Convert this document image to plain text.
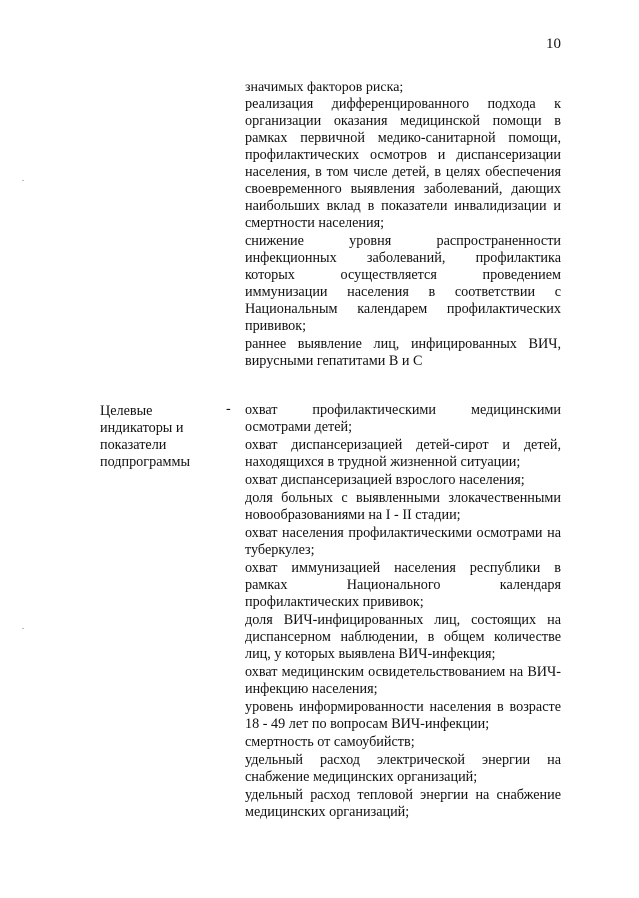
10
значимых факторов риска;

реализация дифференцированного подхода к организации оказания медицинской помощи в рамках первичной медико-санитарной помощи, профилактических осмотров и диспансеризации населения, в том числе детей, в целях обеспечения своевременного выявления заболеваний, дающих наибольших вклад в показатели инвалидизации и смертности населения;

снижение уровня распространенности инфекционных заболеваний, профилактика которых осуществляется проведением иммунизации населения в соответствии с Национальным календарем профилактических прививок;

раннее выявление лиц, инфицированных ВИЧ, вирусными гепатитами В и С

Целевые индикаторы и показатели подпрограммы
- охват профилактическими медицинскими осмотрами детей;

охват диспансеризацией детей-сирот и детей, находящихся в трудной жизненной ситуации;

охват диспансеризацией взрослого населения;

доля больных с выявленными злокачественными новообразованиями на I - II стадии;

охват населения профилактическими осмотрами на туберкулез;

охват иммунизацией населения республики в рамках Национального календаря профилактических прививок;

доля ВИЧ-инфицированных лиц, состоящих на диспансерном наблюдении, в общем количестве лиц, у которых выявлена ВИЧ-инфекция;

охват медицинским освидетельствованием на ВИЧ-инфекцию населения;

уровень информированности населения в возрасте 18 - 49 лет по вопросам ВИЧ-инфекции;

смертность от самоубийств;

удельный расход электрической энергии на снабжение медицинских организаций;

удельный расход тепловой энергии на снабжение медицинских организаций;
